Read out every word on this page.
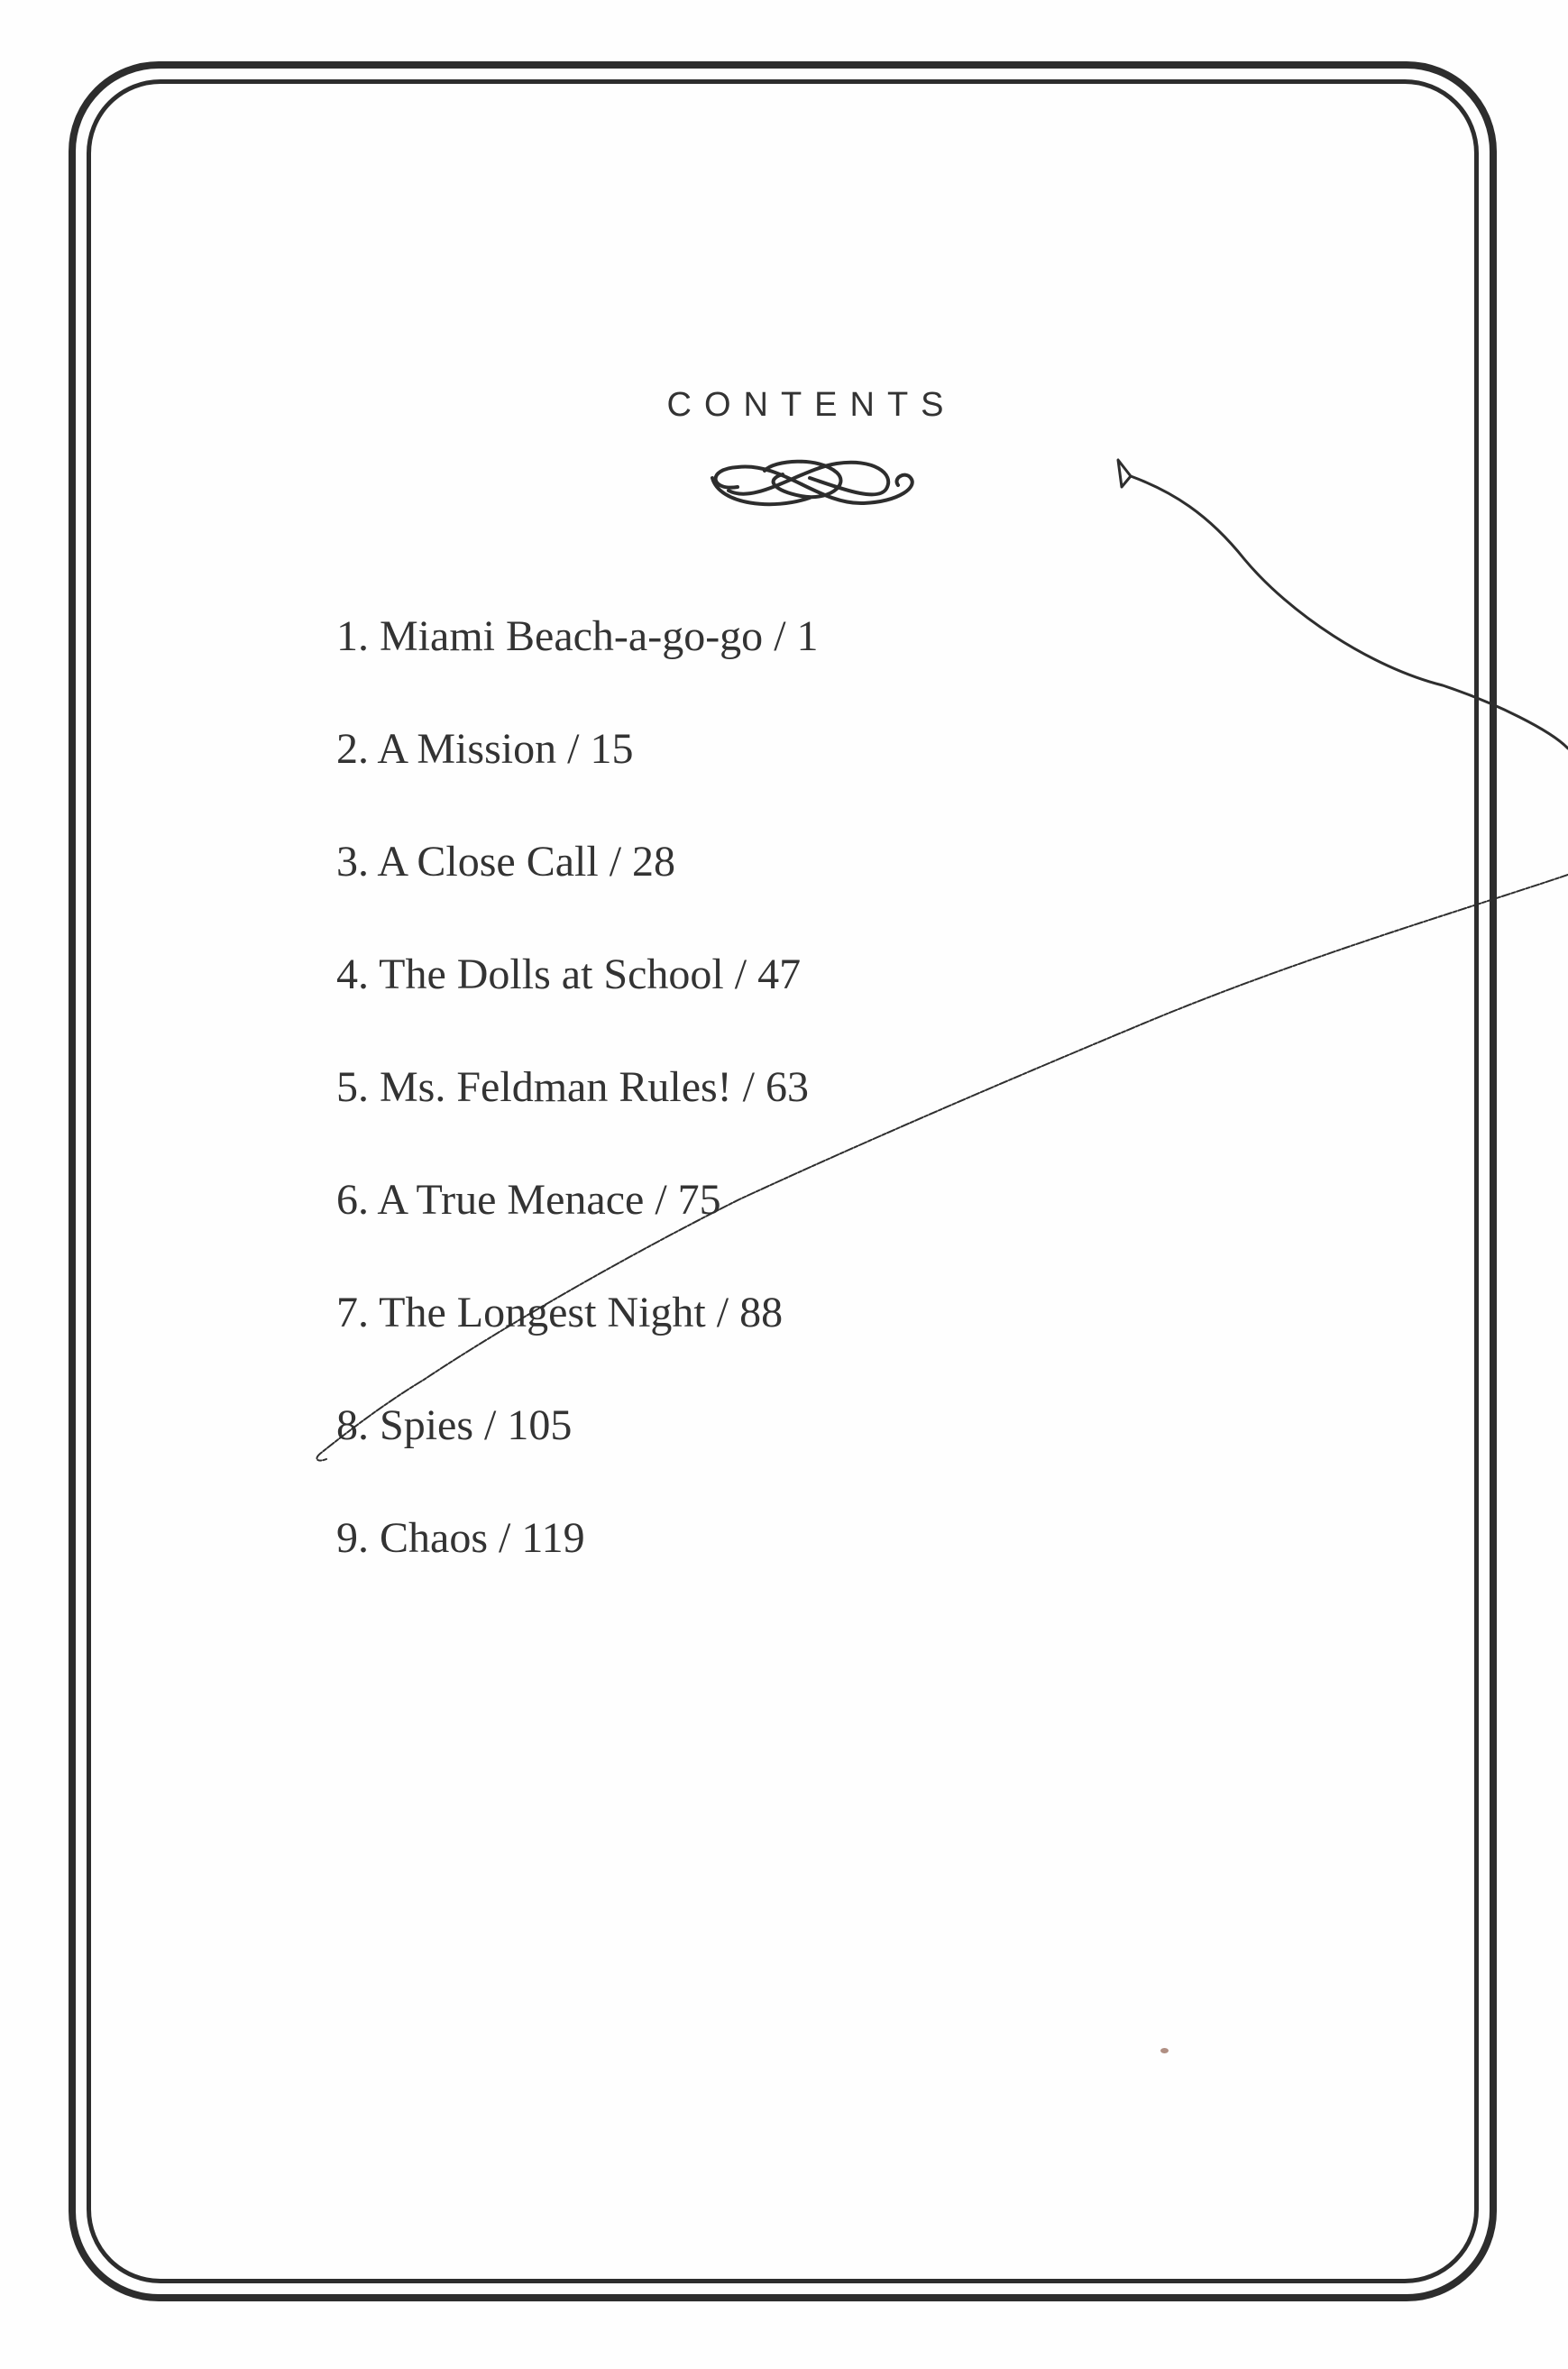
CONTENTS
1. Miami Beach-a-go-go / 1
2. A Mission / 15
3. A Close Call / 28
4. The Dolls at School / 47
5. Ms. Feldman Rules! / 63
6. A True Menace / 75
7. The Longest Night / 88
8. Spies / 105
9. Chaos / 119
